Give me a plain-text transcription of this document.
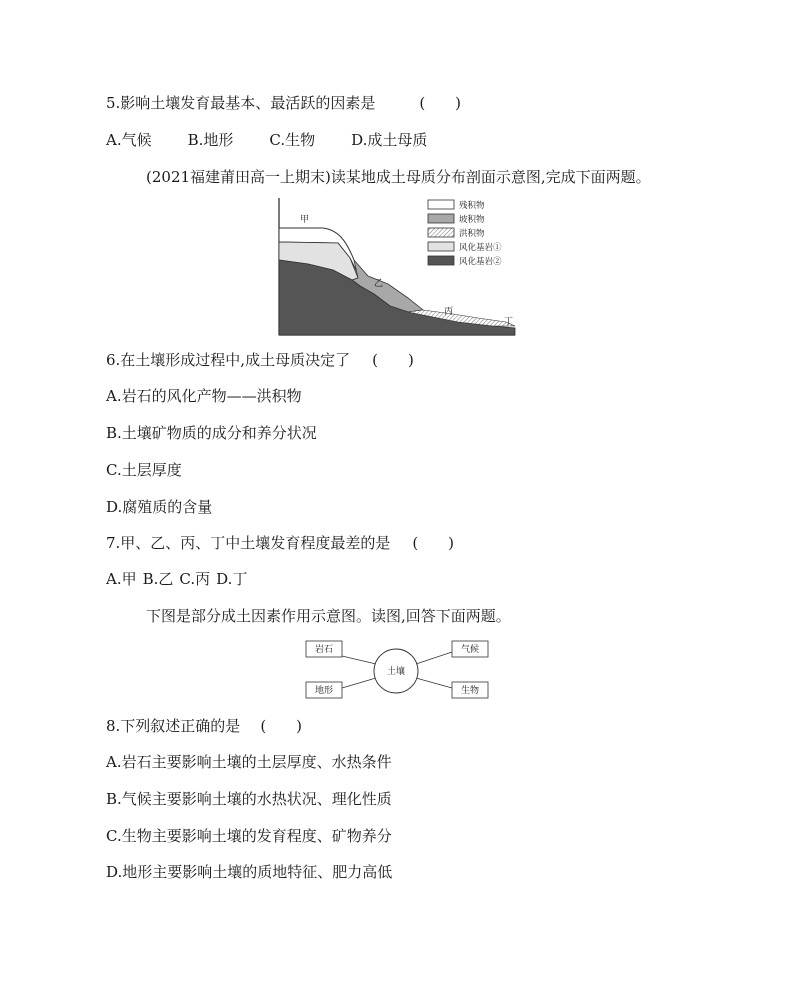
5.影响土壤发育最基本、最活跃的因素是	(　　)
A.气候 B.地形 C.生物 D.成土母质
(2021福建莆田高一上期末)读某地成土母质分布剖面示意图,完成下面两题。
甲
乙
丙
丁
残积物
坡积物
洪积物
风化基岩①
风化基岩②
6.在土壤形成过程中,成土母质决定了 (　　)
A.岩石的风化产物——洪积物
B.土壤矿物质的成分和养分状况
C.土层厚度
D.腐殖质的含量
7.甲、乙、丙、丁中土壤发育程度最差的是 (　　)
A.甲 B.乙 C.丙 D.丁
下图是部分成土因素作用示意图。读图,回答下面两题。
土壤
岩石	气候
地形	生物
8.下列叙述正确的是 (　　)
A.岩石主要影响土壤的土层厚度、水热条件
B.气候主要影响土壤的水热状况、理化性质
C.生物主要影响土壤的发育程度、矿物养分
D.地形主要影响土壤的质地特征、肥力高低
